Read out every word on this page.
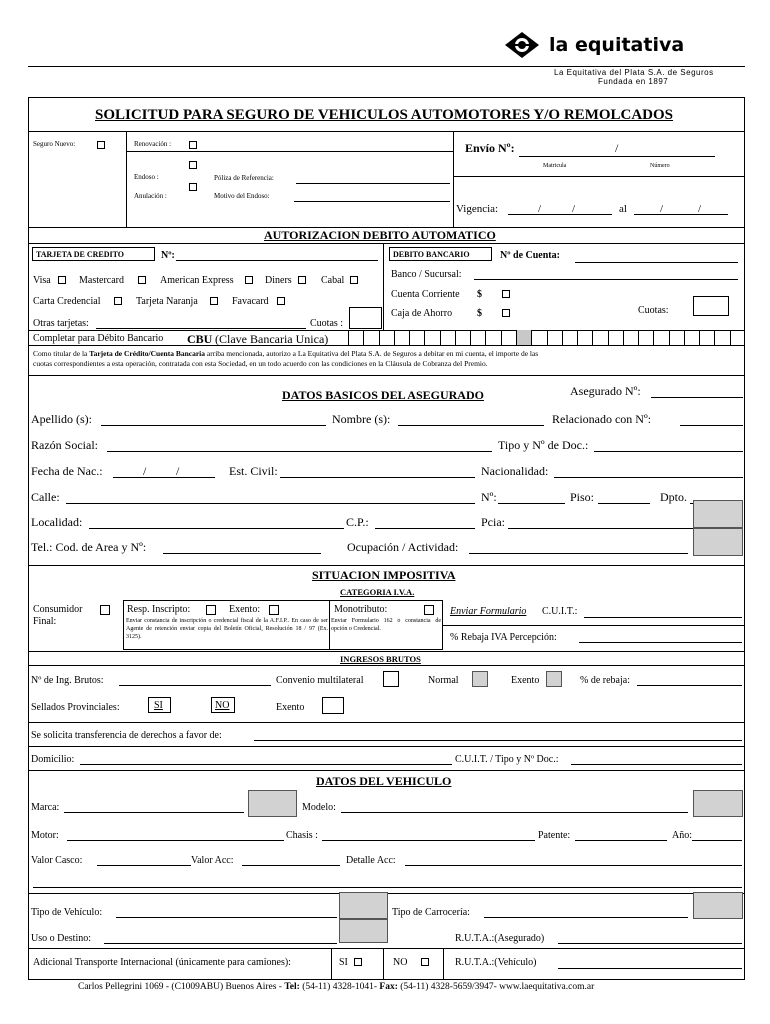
la equitativa
La Equitativa del Plata S.A. de Seguros
Fundada en 1897
SOLICITUD PARA SEGURO DE VEHICULOS AUTOMOTORES Y/O REMOLCADOS
Seguro Nuevo:	Renovación :
Endoso :	Póliza de Referencia:
Anulación :	Motivo del Endoso:
Envío Nº:	/
Matricula	Número
Vigencia:	/	/	al	/	/
AUTORIZACION DEBITO AUTOMATICO
TARJETA DE CREDITO	Nº:
Visa	Mastercard	American Express	Diners	Cabal
Carta Credencial	Tarjeta Naranja	Favacard
Otras tarjetas:	Cuotas :
DEBITO BANCARIO	Nº de Cuenta:
Banco / Sucursal:
Cuenta Corriente $
Caja de Ahorro $	Cuotas:
Completar para Débito Bancario CBU (Clave Bancaria Unica)
Como titular de la Tarjeta de Crédito/Cuenta Bancaria arriba mencionada, autorizo a La Equitativa del Plata S.A. de Seguros a debitar en mi cuenta, el importe de las
cuotas correspondientes a esta operación, contratada con esta Sociedad, en un todo acuerdo con las condiciones en la Cláusula de Cobranza del Premio.
DATOS BASICOS DEL ASEGURADO	Asegurado Nº:
Apellido (s):	Nombre (s):	Relacionado con Nº:
Razón Social:	Tipo y Nº de Doc.:
Fecha de Nac.:	/ /	Est. Civil:	Nacionalidad:
Calle:	Nº:	Piso:	Dpto.
Localidad:	C.P.:	Pcia:
Tel.: Cod. de Area y Nº:	Ocupación / Actividad:
SITUACION IMPOSITIVA
CATEGORIA I.V.A.
Consumidor
Final:
Resp. Inscripto:	Exento:
Enviar constancia de inscripción o credencial fiscal de la A.F.I.P.. En caso de ser Agente de retención enviar copia del Boletín Oficial, Resolución 18 / 97 (Ex. 3125).
Monotributo:
Enviar Formulario 162 o constancia de opción o Credencial.
Enviar Formulario C.U.I.T.:
% Rebaja IVA Percepción:
INGRESOS BRUTOS
Nº de Ing. Brutos:	Convenio multilateral	Normal	Exento	% de rebaja:
Sellados Provinciales:	SI	NO	Exento
Se solicita transferencia de derechos a favor de:
Domicilio:	C.U.I.T. / Tipo y Nº Doc.:
DATOS DEL VEHICULO
Marca:	Modelo:
Motor:	Chasis :	Patente:	Año:
Valor Casco:	Valor Acc:	Detalle Acc:
Tipo de Vehículo:	Tipo de Carrocería:
Uso o Destino:	R.U.T.A.:(Asegurado)
Adicional Transporte Internacional (únicamente para camiones):	SI	NO	R.U.T.A.:(Vehículo)
Carlos Pellegrini 1069 - (C1009ABU) Buenos Aires - Tel: (54-11) 4328-1041- Fax: (54-11) 4328-5659/3947- www.laequitativa.com.ar
